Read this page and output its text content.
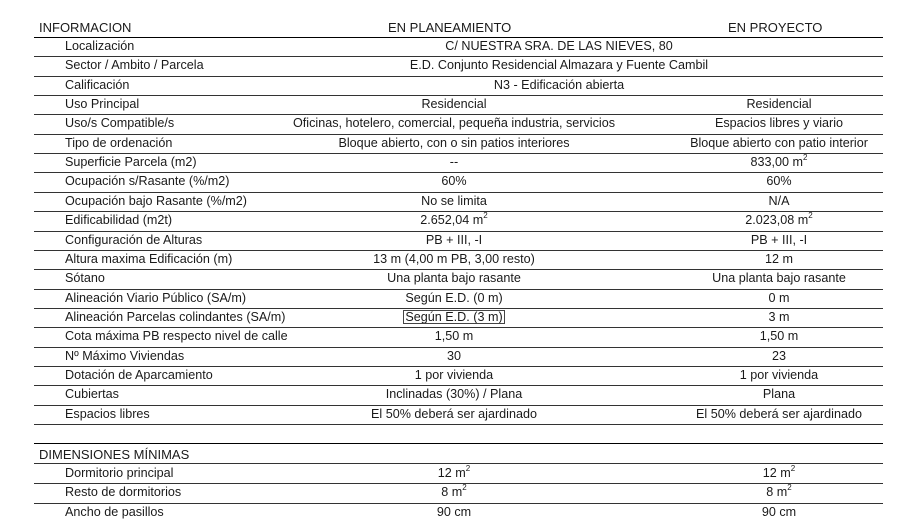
INFORMACION	EN PLANEAMIENTO	EN PROYECTO
Localización	C/ NUESTRA SRA. DE LAS NIEVES, 80
Sector / Ambito / Parcela	E.D. Conjunto Residencial Almazara y Fuente Cambil
Calificación	N3 - Edificación abierta
Uso Principal	Residencial	Residencial
Uso/s Compatible/s	Oficinas, hotelero, comercial, pequeña industria, servicios	Espacios libres y viario
Tipo de ordenación	Bloque abierto, con o sin patios interiores	Bloque abierto con patio interior
Superficie Parcela (m2)	--	833,00 $m^2$
Ocupación s/Rasante (%/m2)	60%	60%
Ocupación bajo Rasante (%/m2)	No se limita	N/A
Edificabilidad (m2t)	2.652,04 $m^2$	2.023,08 $m^2$
Configuración de Alturas	PB + III, -I	PB + III, -I
Altura maxima Edificación (m)	13 m (4,00 m PB, 3,00 resto)	12 m
Sótano	Una planta bajo rasante	Una planta bajo rasante
Alineación Viario Público (SA/m)	Según E.D. (0 m)	0 m
Alineación Parcelas colindantes (SA/m)	Según E.D. (3 m)	3 m
Cota máxima PB respecto nivel de calle	1,50 m	1,50 m
Nº Máximo Viviendas	30	23
Dotación de Aparcamiento	1 por vivienda	1 por vivienda
Cubiertas	Inclinadas (30%) / Plana	Plana
Espacios libres	El 50% deberá ser ajardinado	El 50% deberá ser ajardinado
DIMENSIONES MÍNIMAS
Dormitorio principal	12 $m^2$	12 $m^2$
Resto de dormitorios	8 $m^2$	8 $m^2$
Ancho de pasillos	90 cm	90 cm
